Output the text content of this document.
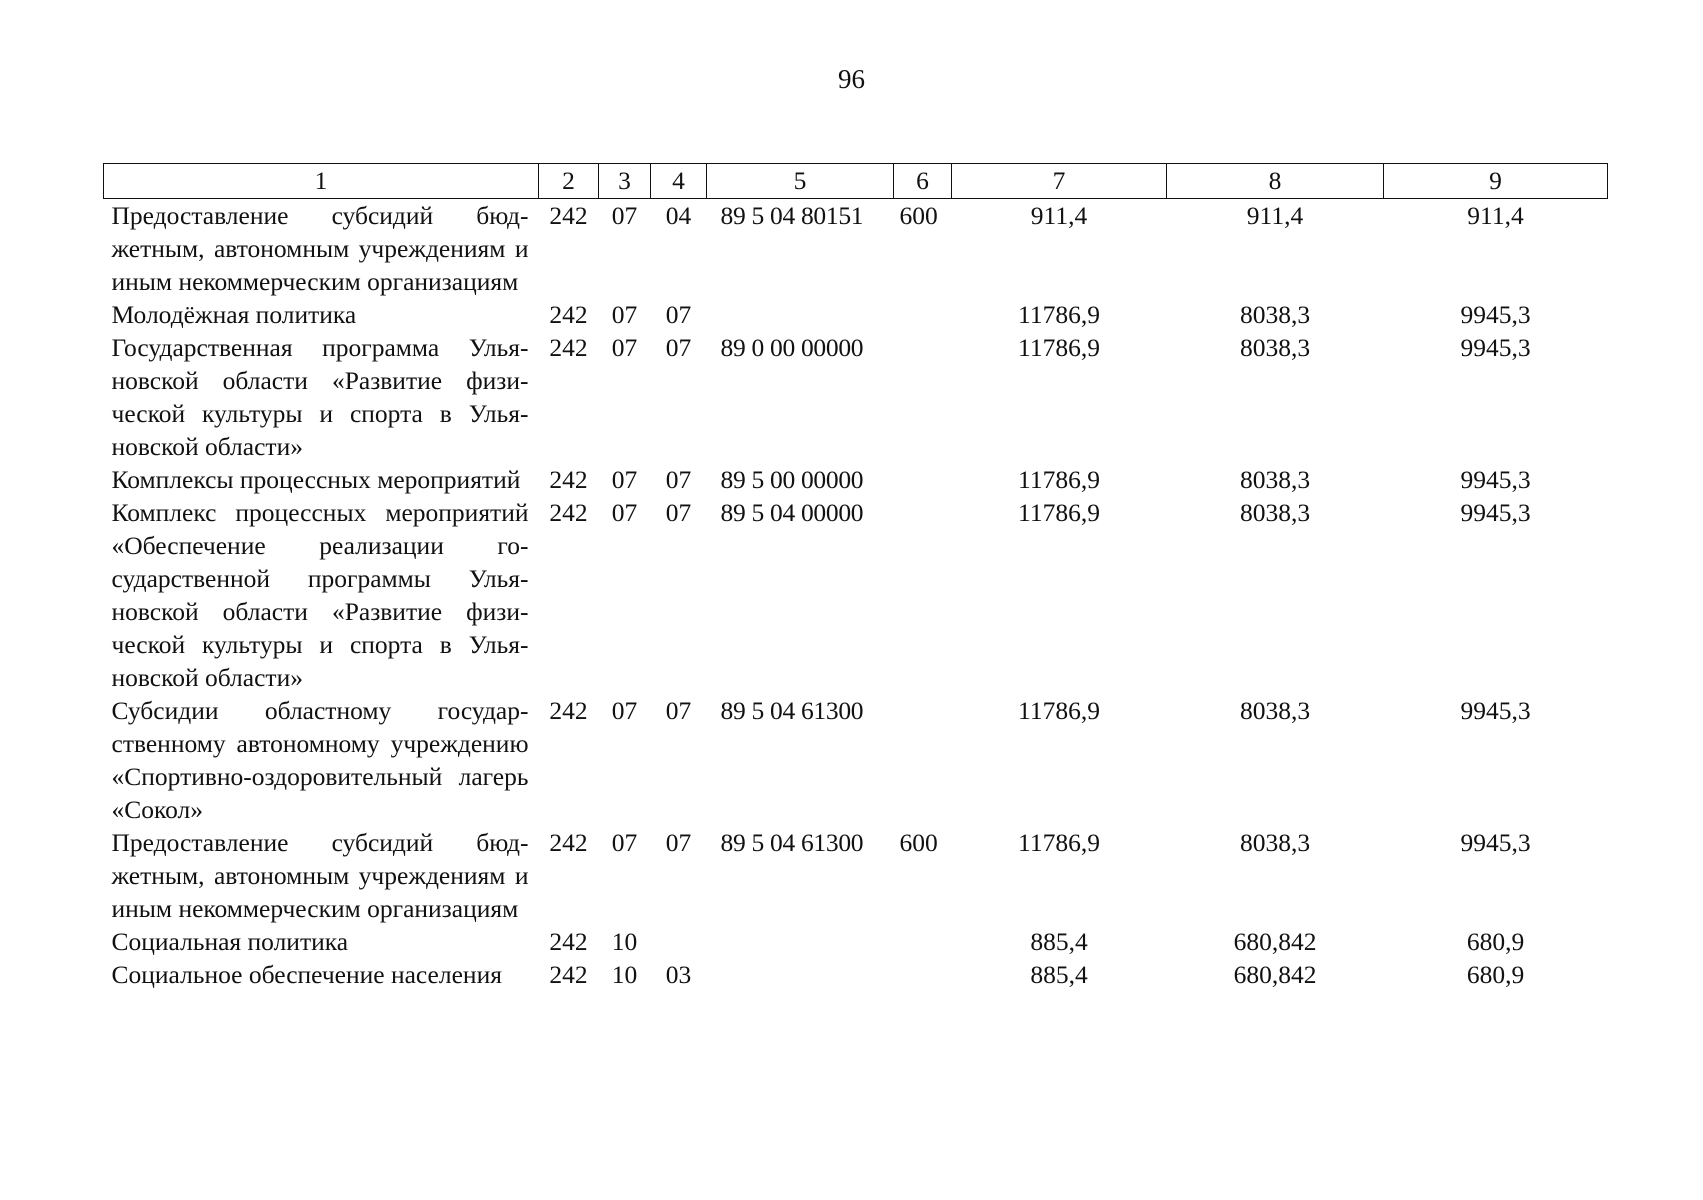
96
1	2	3	4	5	6	7	8	9
Предоставление субсидий бюджетным, автономным учреждениям и иным некоммерческим организациям	242	07	04	89 5 04 80151	600	911,4	911,4	911,4
Молодёжная политика	242	07	07			11786,9	8038,3	9945,3
Государственная программа Ульяновской области «Развитие физической культуры и спорта в Ульяновской области»	242	07	07	89 0 00 00000		11786,9	8038,3	9945,3
Комплексы процессных мероприятий	242	07	07	89 5 00 00000		11786,9	8038,3	9945,3
Комплекс процессных мероприятий «Обеспечение реализации государственной программы Ульяновской области «Развитие физической культуры и спорта в Ульяновской области»	242	07	07	89 5 04 00000		11786,9	8038,3	9945,3
Субсидии областному государственному автономному учреждению «Спортивно-оздоровительный лагерь «Сокол»	242	07	07	89 5 04 61300		11786,9	8038,3	9945,3
Предоставление субсидий бюджетным, автономным учреждениям и иным некоммерческим организациям	242	07	07	89 5 04 61300	600	11786,9	8038,3	9945,3
Социальная политика	242	10				885,4	680,842	680,9
Социальное обеспечение населения	242	10	03			885,4	680,842	680,9
